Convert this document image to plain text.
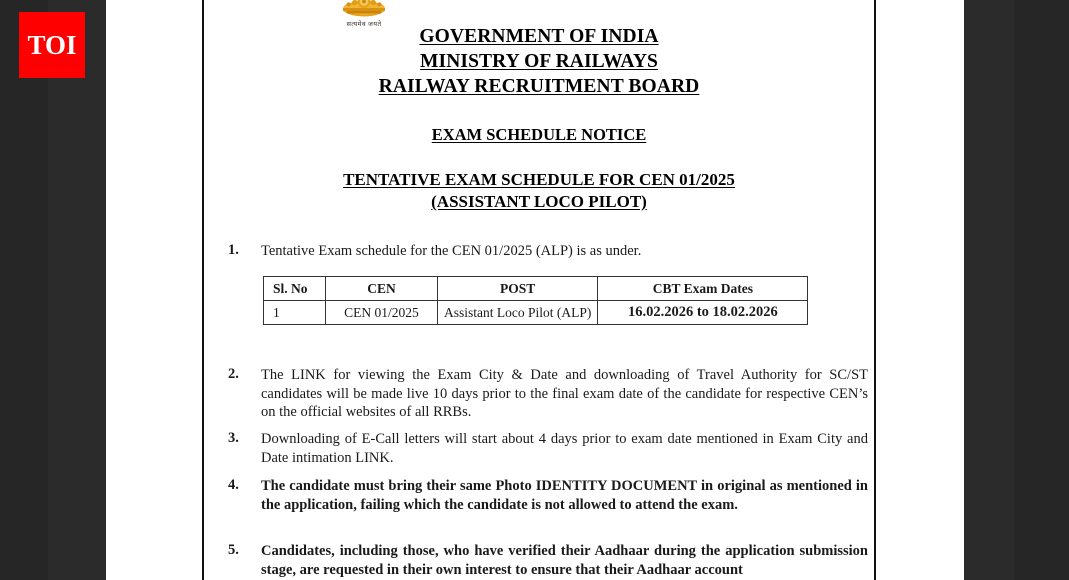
TOI
सत्यमेव जयते
GOVERNMENT OF INDIA
MINISTRY OF RAILWAYS
RAILWAY RECRUITMENT BOARD
EXAM SCHEDULE NOTICE
TENTATIVE EXAM SCHEDULE FOR CEN 01/2025
(ASSISTANT LOCO PILOT)
1.	Tentative Exam schedule for the CEN 01/2025 (ALP) is as under.
Sl. No	CEN	POST	CBT Exam Dates
1	CEN 01/2025	Assistant Loco Pilot (ALP)	16.02.2026 to 18.02.2026
2.	The LINK for viewing the Exam City & Date and downloading of Travel Authority for SC/ST candidates will be made live 10 days prior to the final exam date of the candidate for respective CEN’s on the official websites of all RRBs.
3.	Downloading of E-Call letters will start about 4 days prior to exam date mentioned in Exam City and Date intimation LINK.
4.	The candidate must bring their same Photo IDENTITY DOCUMENT in original as mentioned in the application, failing which the candidate is not allowed to attend the exam.
5.	Candidates, including those, who have verified their Aadhaar during the application submission stage, are requested in their own interest to ensure that their Aadhaar account
